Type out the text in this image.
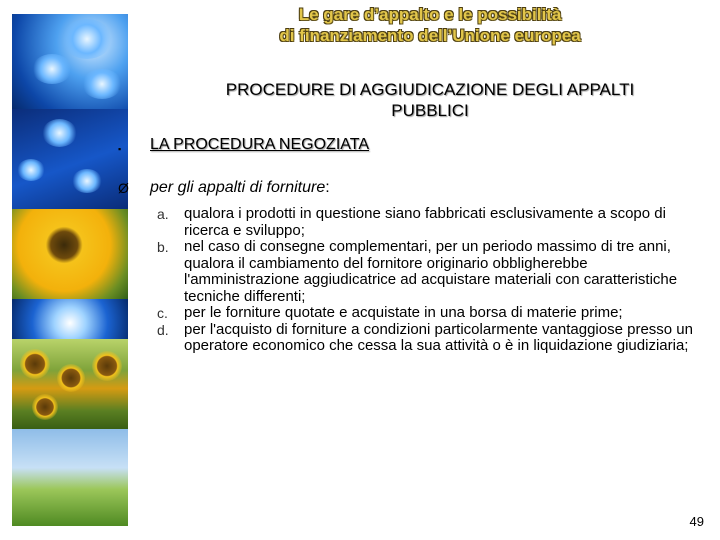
Le gare d’appalto e le possibilità
di finanziamento dell’Unione europea
PROCEDURE DI AGGIUDICAZIONE DEGLI APPALTI
PUBBLICI
▪	LA PROCEDURA NEGOZIATA
Ø	per gli appalti di forniture:

a. qualora i prodotti in questione siano fabbricati esclusivamente a scopo di ricerca e sviluppo;

b. nel caso di consegne complementari, per un periodo massimo di tre anni, qualora il cambiamento del fornitore originario obbligherebbe l'amministrazione aggiudicatrice ad acquistare materiali con caratteristiche tecniche differenti;

c. per le forniture quotate e acquistate in una borsa di materie prime;

d. per l'acquisto di forniture a condizioni particolarmente vantaggiose presso un operatore economico che cessa la sua attività o è in liquidazione giudiziaria;

49
